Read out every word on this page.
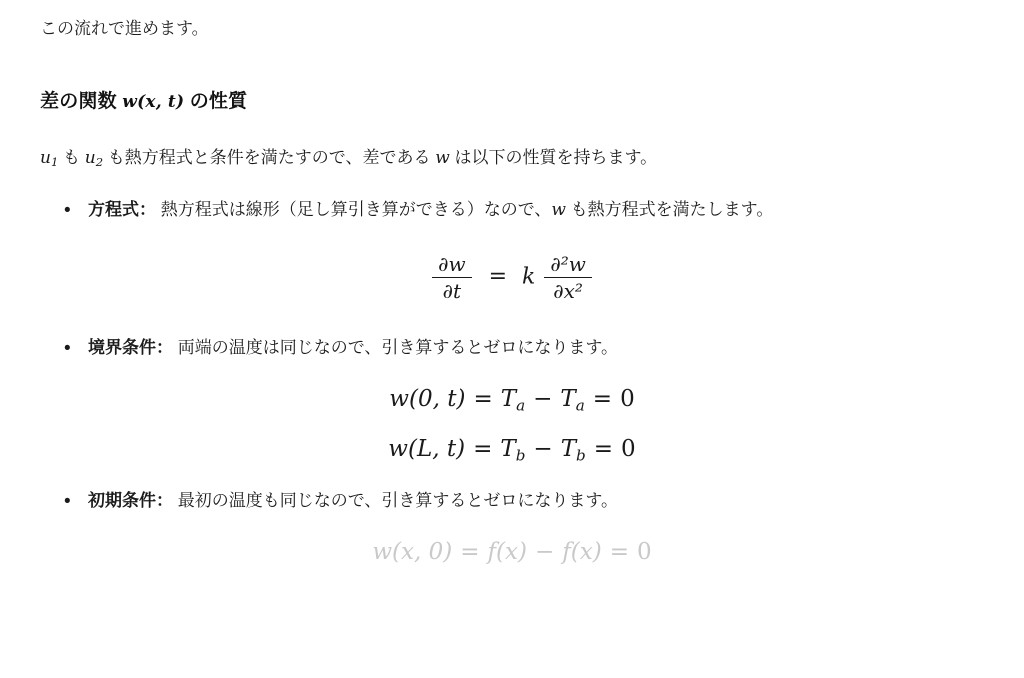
この流れで進めます。

差の関数 w(x, t) の性質

$u_1$ も $u_2$ も熱方程式と条件を満たすので、差である w は以下の性質を持ちます。

• 方程式： 熱方程式は線形（足し算引き算ができる）なので、w も熱方程式を満たします。
$\frac{\partial w}{\partial t} = k \frac{\text{∂²w}}{\text{∂x²}}$
• 境界条件： 両端の温度は同じなので、引き算するとゼロになります。
w(0, t) = Ta − Ta = 0
w(L, t) = Tb − Tb = 0
• 初期条件： 最初の温度も同じなので、引き算するとゼロになります。
w(x, 0) = f(x) − f(x) = 0
